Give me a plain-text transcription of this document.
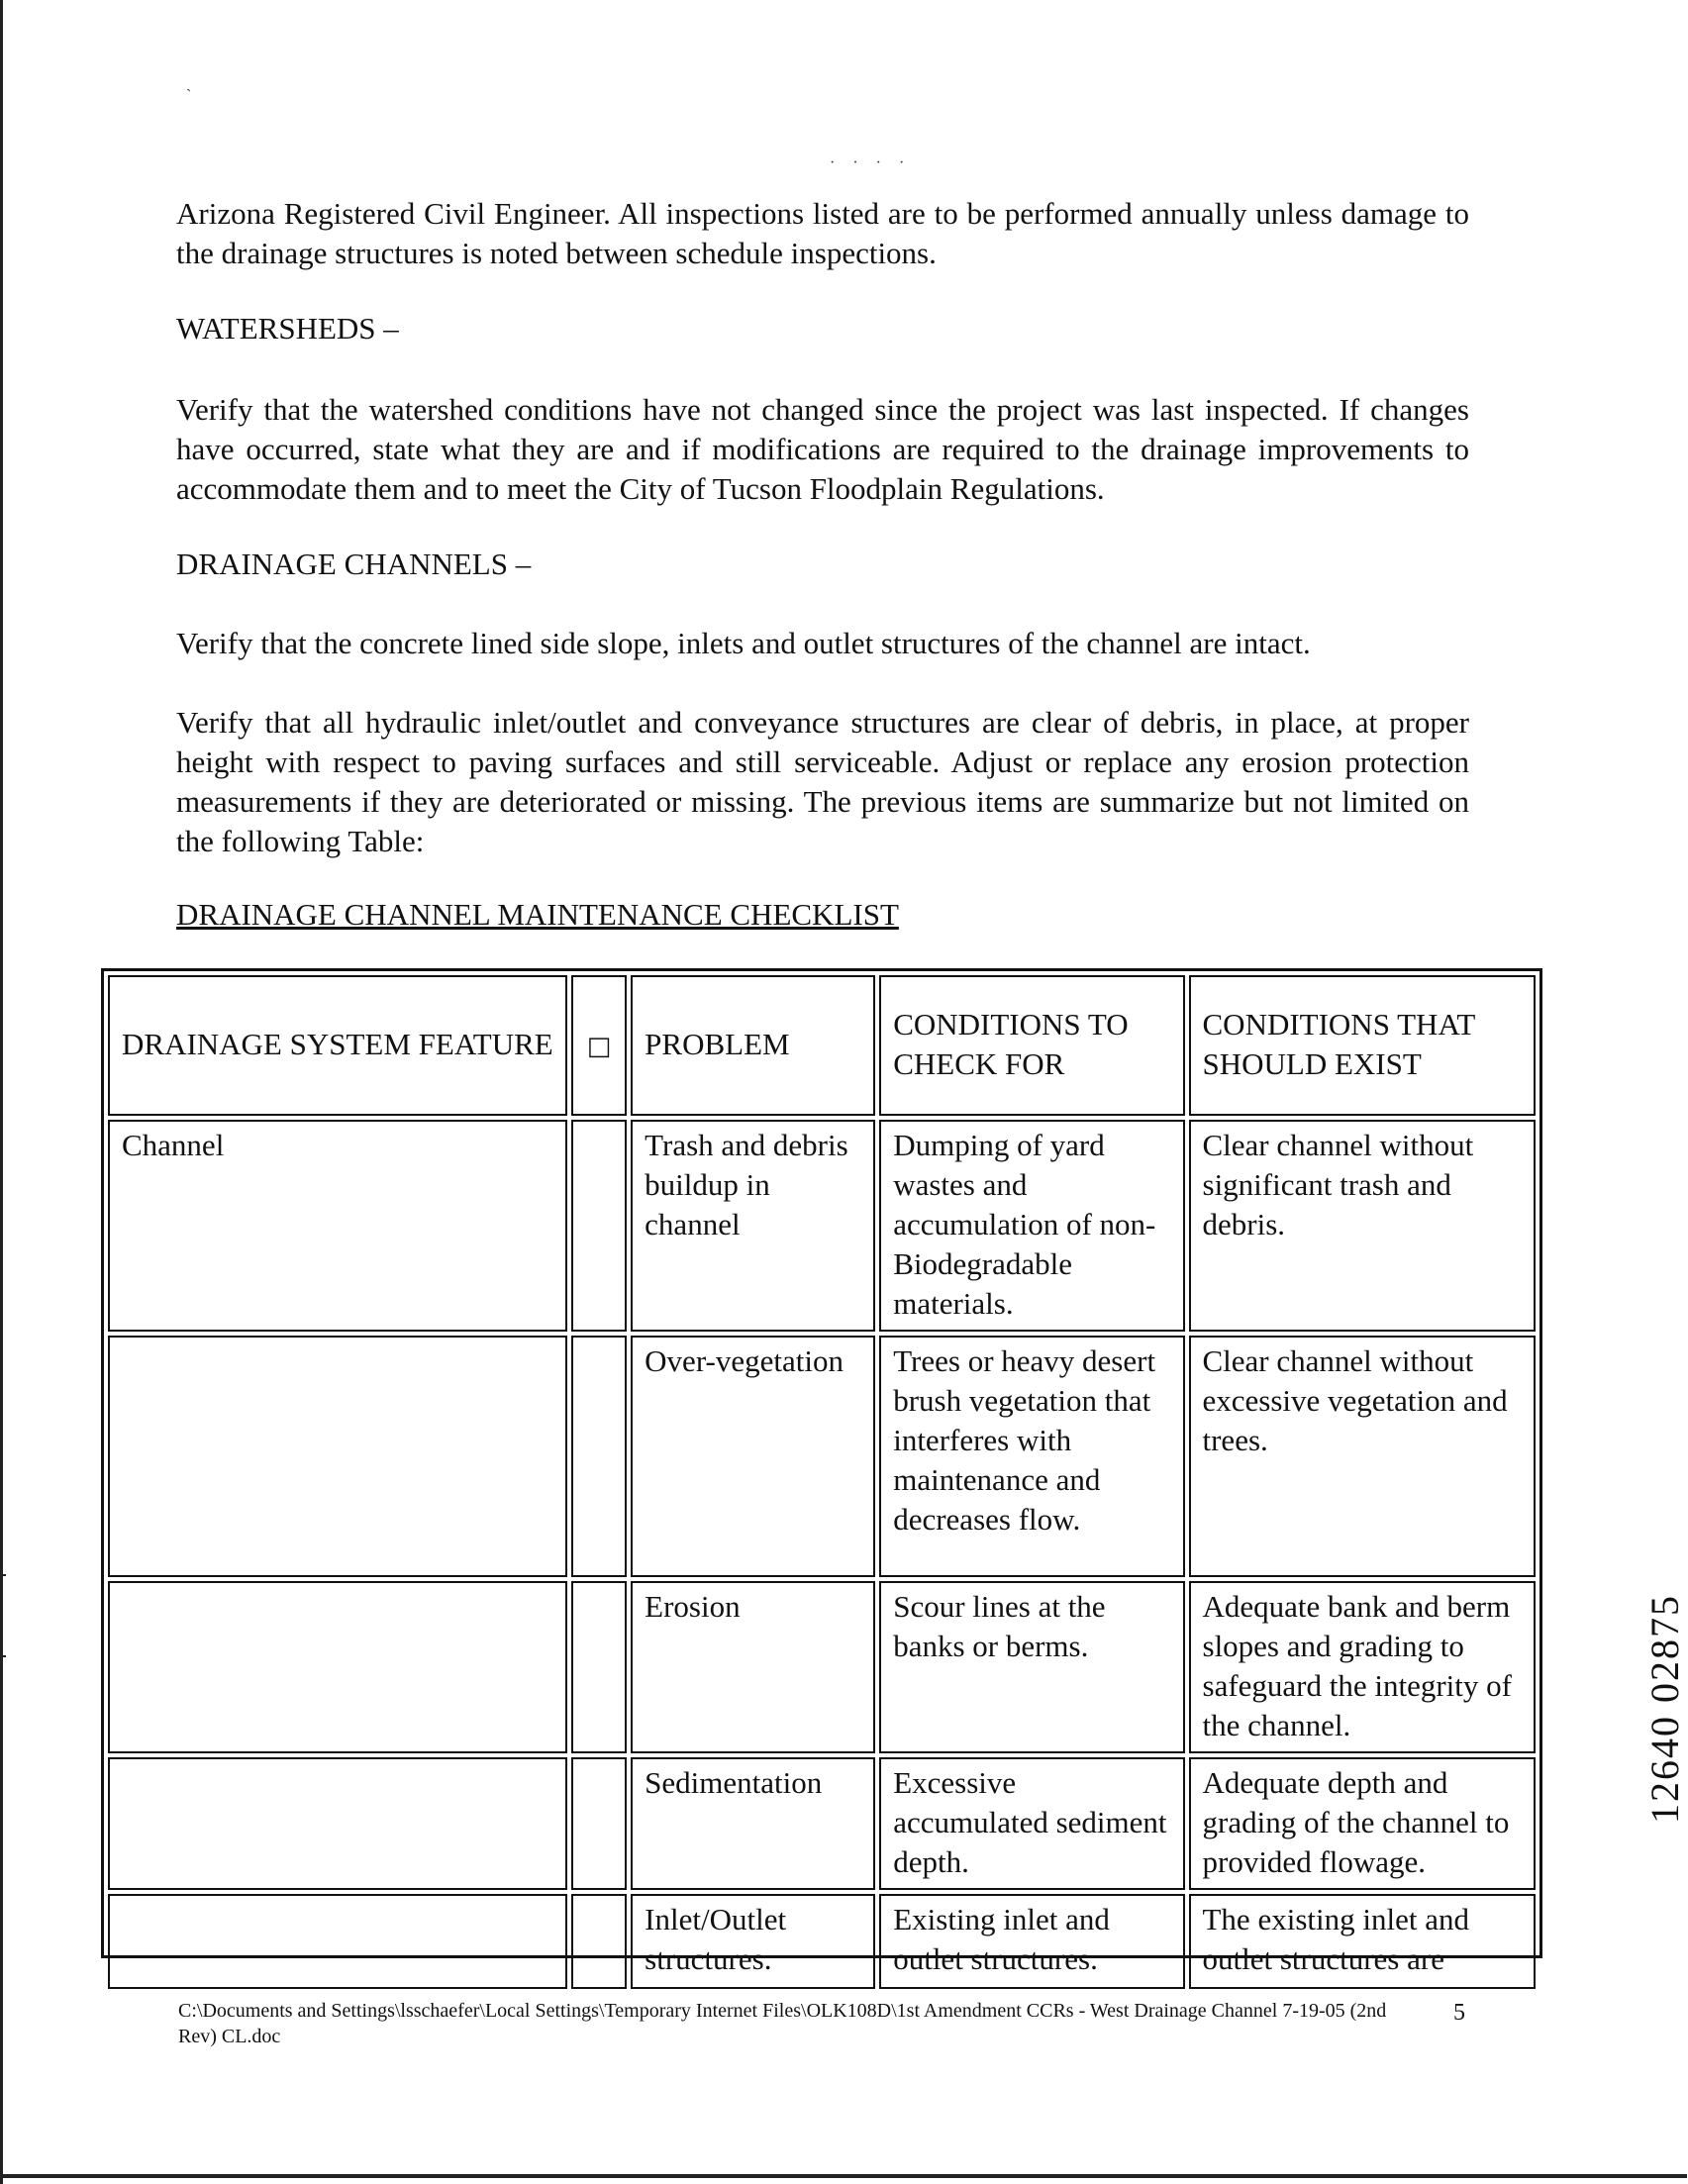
ˏ
····

Arizona Registered Civil Engineer. All inspections listed are to be performed annually unless damage to the drainage structures is noted between schedule inspections.

WATERSHEDS –

Verify that the watershed conditions have not changed since the project was last inspected. If changes have occurred, state what they are and if modifications are required to the drainage improvements to accommodate them and to meet the City of Tucson Floodplain Regulations.

DRAINAGE CHANNELS –

Verify that the concrete lined side slope, inlets and outlet structures of the channel are intact.

Verify that all hydraulic inlet/outlet and conveyance structures are clear of debris, in place, at proper height with respect to paving surfaces and still serviceable. Adjust or replace any erosion protection measurements if they are deteriorated or missing. The previous items are summarize but not limited on the following Table:

DRAINAGE CHANNEL MAINTENANCE CHECKLIST

DRAINAGE SYSTEM FEATURE	□	PROBLEM	CONDITIONS TO CHECK FOR	CONDITIONS THAT SHOULD EXIST
Channel		Trash and debris buildup in channel	Dumping of yard wastes and accumulation of non-Biodegradable materials.	Clear channel without significant trash and debris.
		Over-vegetation	Trees or heavy desert brush vegetation that interferes with maintenance and decreases flow.	Clear channel without excessive vegetation and trees.
		Erosion	Scour lines at the banks or berms.	Adequate bank and berm slopes and grading to safeguard the integrity of the channel.
		Sedimentation	Excessive accumulated sediment depth.	Adequate depth and grading of the channel to provided flowage.
		Inlet/Outlet structures.	Existing inlet and outlet structures.	The existing inlet and outlet structures are

C:\Documents and Settings\lsschaefer\Local Settings\Temporary Internet Files\OLK108D\1st Amendment CCRs - West Drainage Channel 7-19-05 (2nd Rev) CL.doc

5
12640 02875
